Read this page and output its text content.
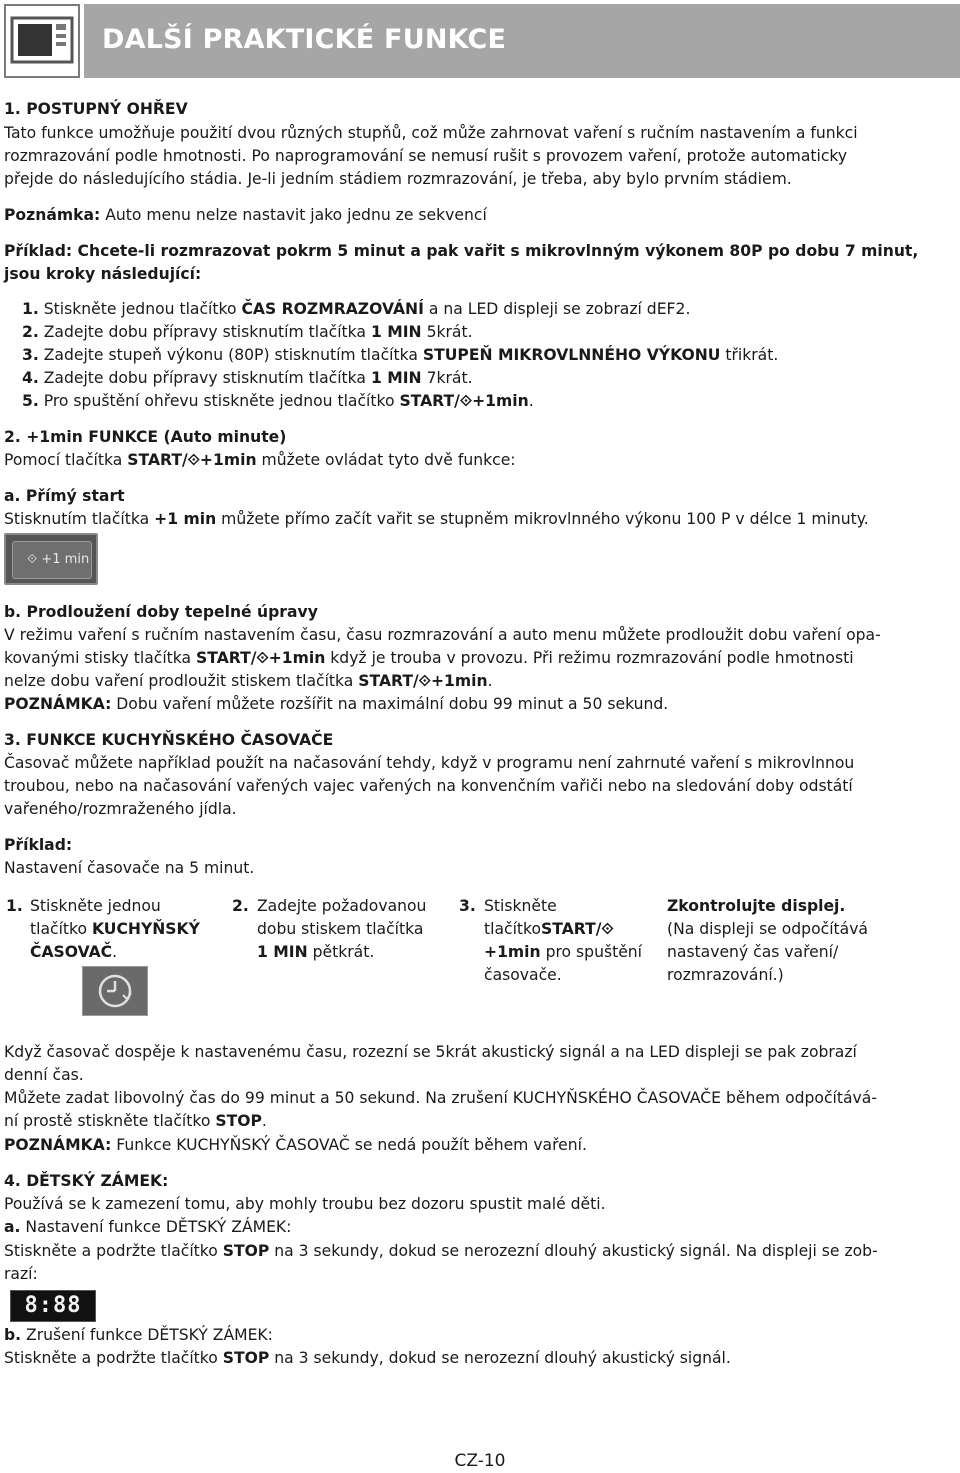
DALŠÍ PRAKTICKÉ FUNKCE
1. POSTUPNÝ OHŘEV
Tato funkce umožňuje použití dvou různých stupňů, což může zahrnovat vaření s ručním nastavením a funkci
rozmrazování podle hmotnosti. Po naprogramování se nemusí rušit s provozem vaření, protože automaticky
přejde do následujícího stádia. Je-li jedním stádiem rozmrazování, je třeba, aby bylo prvním stádiem.
Poznámka: Auto menu nelze nastavit jako jednu ze sekvencí
Příklad: Chcete-li rozmrazovat pokrm 5 minut a pak vařit s mikrovlnným výkonem 80P po dobu 7 minut,
jsou kroky následující:
1. Stiskněte jednou tlačítko ČAS ROZMRAZOVÁNÍ a na LED displeji se zobrazí dEF2.
2. Zadejte dobu přípravy stisknutím tlačítka 1 MIN 5krát.
3. Zadejte stupeň výkonu (80P) stisknutím tlačítka STUPEŇ MIKROVLNNÉHO VÝKONU třikrát.
4. Zadejte dobu přípravy stisknutím tlačítka 1 MIN 7krát.
5. Pro spuštění ohřevu stiskněte jednou tlačítko START/⟐+1min.
2. +1min FUNKCE (Auto minute)
Pomocí tlačítka START/⟐+1min můžete ovládat tyto dvě funkce:
a. Přímý start
Stisknutím tlačítka +1 min můžete přímo začít vařit se stupněm mikrovlnného výkonu 100 P v délce 1 minuty.
⟐ +1 min
b. Prodloužení doby tepelné úpravy
V režimu vaření s ručním nastavením času, času rozmrazování a auto menu můžete prodloužit dobu vaření opa-
kovanými stisky tlačítka START/⟐+1min když je trouba v provozu. Při režimu rozmrazování podle hmotnosti
nelze dobu vaření prodloužit stiskem tlačítka START/⟐+1min.
POZNÁMKA: Dobu vaření můžete rozšířit na maximální dobu 99 minut a 50 sekund.
3. FUNKCE KUCHYŇSKÉHO ČASOVAČE
Časovač můžete například použít na načasování tehdy, když v programu není zahrnuté vaření s mikrovlnnou
troubou, nebo na načasování vařených vajec vařených na konvenčním vařiči nebo na sledování doby odstátí
vařeného/rozmraženého jídla.
Příklad:
Nastavení časovače na 5 minut.
1. Stiskněte jednou
tlačítko KUCHYŇSKÝ
ČASOVAČ.
2. Zadejte požadovanou
dobu stiskem tlačítka
1 MIN pětkrát.
3. Stiskněte
tlačítkoSTART/⟐
+1min pro spuštění
časovače.
Zkontrolujte displej.
(Na displeji se odpočítává
nastavený čas vaření/
rozmrazování.)
Když časovač dospěje k nastavenému času, rozezní se 5krát akustický signál a na LED displeji se pak zobrazí
denní čas.
Můžete zadat libovolný čas do 99 minut a 50 sekund. Na zrušení KUCHYŇSKÉHO ČASOVAČE během odpočítává-
ní prostě stiskněte tlačítko STOP.
POZNÁMKA: Funkce KUCHYŇSKÝ ČASOVAČ se nedá použít během vaření.
4. DĚTSKÝ ZÁMEK:
Používá se k zamezení tomu, aby mohly troubu bez dozoru spustit malé děti.
a. Nastavení funkce DĚTSKÝ ZÁMEK:
Stiskněte a podržte tlačítko STOP na 3 sekundy, dokud se nerozezní dlouhý akustický signál. Na displeji se zob-
razí:
8:88
b. Zrušení funkce DĚTSKÝ ZÁMEK:
Stiskněte a podržte tlačítko STOP na 3 sekundy, dokud se nerozezní dlouhý akustický signál.
CZ-10
